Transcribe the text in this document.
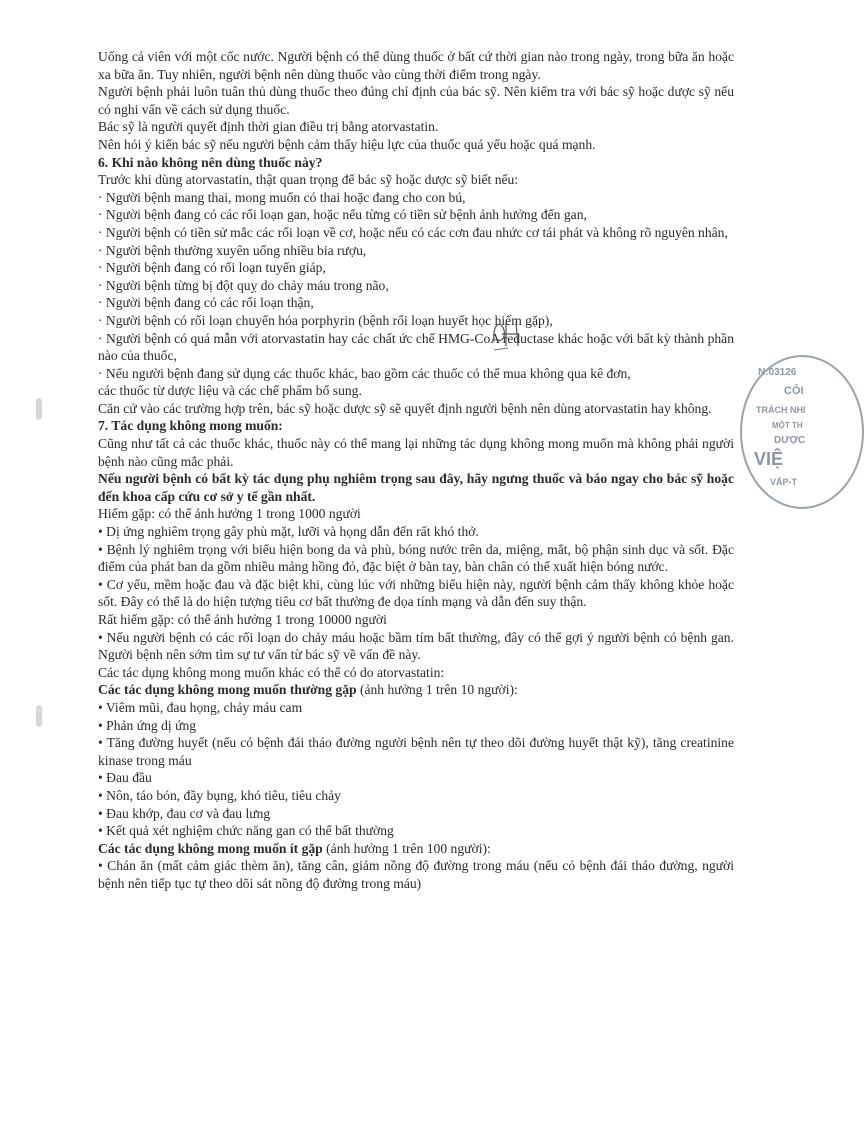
Uống cả viên với một cốc nước. Người bệnh có thể dùng thuốc ở bất cứ thời gian nào trong ngày, trong bữa ăn hoặc xa bữa ăn. Tuy nhiên, người bệnh nên dùng thuốc vào cùng thời điểm trong ngày.

Người bệnh phải luôn tuân thủ dùng thuốc theo đúng chỉ định của bác sỹ. Nên kiểm tra với bác sỹ hoặc dược sỹ nếu có nghi vấn về cách sử dụng thuốc.

Bác sỹ là người quyết định thời gian điều trị bằng atorvastatin.

Nên hỏi ý kiến bác sỹ nếu người bệnh cảm thấy hiệu lực của thuốc quá yếu hoặc quá mạnh.

6. Khi nào không nên dùng thuốc này?

Trước khi dùng atorvastatin, thật quan trọng để bác sỹ hoặc dược sỹ biết nếu:

· Người bệnh mang thai, mong muốn có thai hoặc đang cho con bú,

· Người bệnh đang có các rối loạn gan, hoặc nếu từng có tiền sử bệnh ảnh hưởng đến gan,

· Người bệnh có tiền sử mắc các rối loạn về cơ, hoặc nếu có các cơn đau nhức cơ tái phát và không rõ nguyên nhân,

· Người bệnh thường xuyên uống nhiều bia rượu,

· Người bệnh đang có rối loạn tuyến giáp,

· Người bệnh từng bị đột quỵ do chảy máu trong não,

· Người bệnh đang có các rối loạn thận,

· Người bệnh có rối loạn chuyển hóa porphyrin (bệnh rối loạn huyết học hiếm gặp),

· Người bệnh có quá mẫn với atorvastatin hay các chất ức chế HMG-CoA reductase khác hoặc với bất kỳ thành phần nào của thuốc,

· Nếu người bệnh đang sử dụng các thuốc khác, bao gồm các thuốc có thể mua không qua kê đơn,

các thuốc từ dược liệu và các chế phẩm bổ sung.

Căn cứ vào các trường hợp trên, bác sỹ hoặc dược sỹ sẽ quyết định người bệnh nên dùng atorvastatin hay không.

7. Tác dụng không mong muốn:

Cũng như tất cả các thuốc khác, thuốc này có thể mang lại những tác dụng không mong muốn mà không phải người bệnh nào cũng mắc phải.

Nếu người bệnh có bất kỳ tác dụng phụ nghiêm trọng sau đây, hãy ngưng thuốc và báo ngay cho bác sỹ hoặc đến khoa cấp cứu cơ sở y tế gần nhất.

Hiếm gặp: có thể ảnh hưởng 1 trong 1000 người

• Dị ứng nghiêm trọng gây phù mặt, lưỡi và họng dẫn đến rất khó thở.

• Bệnh lý nghiêm trọng với biểu hiện bong da và phù, bóng nước trên da, miệng, mắt, bộ phận sinh dục và sốt. Đặc điểm của phát ban da gồm nhiều mảng hồng đỏ, đặc biệt ở bàn tay, bàn chân có thể xuất hiện bóng nước.

• Cơ yếu, mềm hoặc đau và đặc biệt khi, cùng lúc với những biểu hiện này, người bệnh cảm thấy không khỏe hoặc sốt. Đây có thể là do hiện tượng tiêu cơ bất thường đe dọa tính mạng và dẫn đến suy thận.

Rất hiếm gặp: có thể ảnh hưởng 1 trong 10000 người

• Nếu người bệnh có các rối loạn do chảy máu hoặc bầm tím bất thường, đây có thể gợi ý người bệnh có bệnh gan. Người bệnh nên sớm tìm sự tư vấn từ bác sỹ về vấn đề này.

Các tác dụng không mong muốn khác có thể có do atorvastatin:

Các tác dụng không mong muốn thường gặp (ảnh hưởng 1 trên 10 người):

• Viêm mũi, đau họng, chảy máu cam

• Phản ứng dị ứng

• Tăng đường huyết (nếu có bệnh đái tháo đường người bệnh nên tự theo dõi đường huyết thật kỹ), tăng creatinine kinase trong máu

• Đau đầu

• Nôn, táo bón, đầy bụng, khó tiêu, tiêu chảy

• Đau khớp, đau cơ và đau lưng

• Kết quả xét nghiệm chức năng gan có thể bất thường

Các tác dụng không mong muốn ít gặp (ảnh hưởng 1 trên 100 người):

• Chán ăn (mất cảm giác thèm ăn), tăng cân, giảm nồng độ đường trong máu (nếu có bệnh đái tháo đường, người bệnh nên tiếp tục tự theo dõi sát nồng độ đường trong máu)

N:03126
CÔI
TRÁCH NHI
MỘT TH
DƯỢC
VIỆ
VẤP-T
